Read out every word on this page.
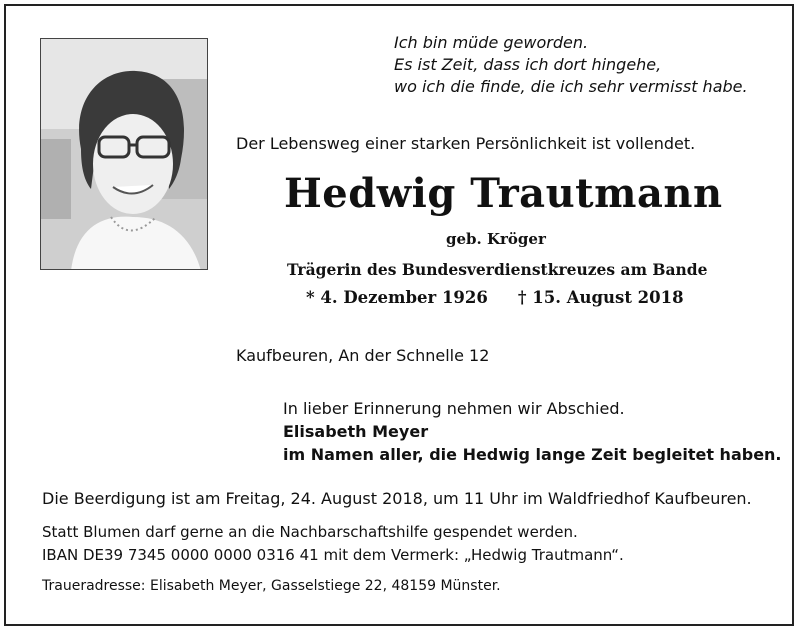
Ich bin müde geworden.
Es ist Zeit, dass ich dort hingehe,
wo ich die finde, die ich sehr vermisst habe.
Der Lebensweg einer starken Persönlichkeit ist vollendet.
Hedwig Trautmann
geb. Kröger
Trägerin des Bundesverdienstkreuzes am Bande
* 4. Dezember 1926 † 15. August 2018
Kaufbeuren, An der Schnelle 12
In lieber Erinnerung nehmen wir Abschied.
Elisabeth Meyer
im Namen aller, die Hedwig lange Zeit begleitet haben.
Die Beerdigung ist am Freitag, 24. August 2018, um 11 Uhr im Waldfriedhof Kaufbeuren.
Statt Blumen darf gerne an die Nachbarschaftshilfe gespendet werden.
IBAN DE39 7345 0000 0000 0316 41 mit dem Vermerk: „Hedwig Trautmann“.
Traueradresse: Elisabeth Meyer, Gasselstiege 22, 48159 Münster.
